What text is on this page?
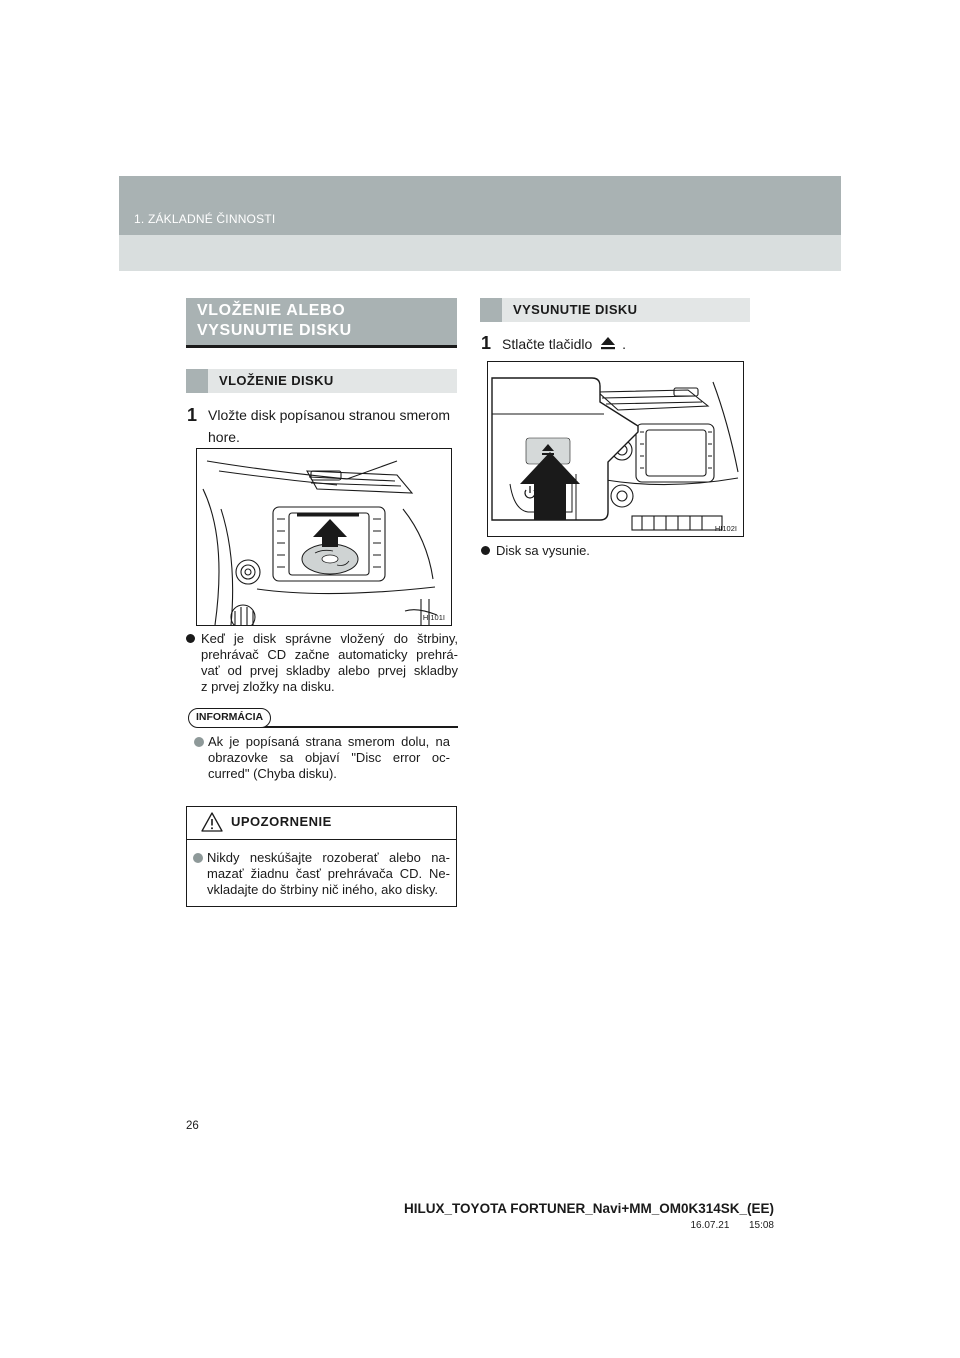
1. ZÁKLADNÉ ČINNOSTI
VLOŽENIE ALEBO
VYSUNUTIE DISKU
VLOŽENIE DISKU
1 Vložte disk popísanou stranou smerom
hore.
HI101I
Keď je disk správne vložený do štrbiny,
prehrávač CD začne automaticky prehrá-
vať od prvej skladby alebo prvej skladby
z prvej zložky na disku.
INFORMÁCIA
Ak je popísaná strana smerom dolu, na
obrazovke sa objaví "Disc error oc-
curred" (Chyba disku).
UPOZORNENIE
Nikdy neskúšajte rozoberať alebo na-
mazať žiadnu časť prehrávača CD. Ne-
vkladajte do štrbiny nič iného, ako disky.
VYSUNUTIE DISKU
1 Stlačte tlačidlo .
HI102I
Disk sa vysunie.
26
HILUX_TOYOTA FORTUNER_Navi+MM_OM0K314SK_(EE)
16.07.21 15:08
